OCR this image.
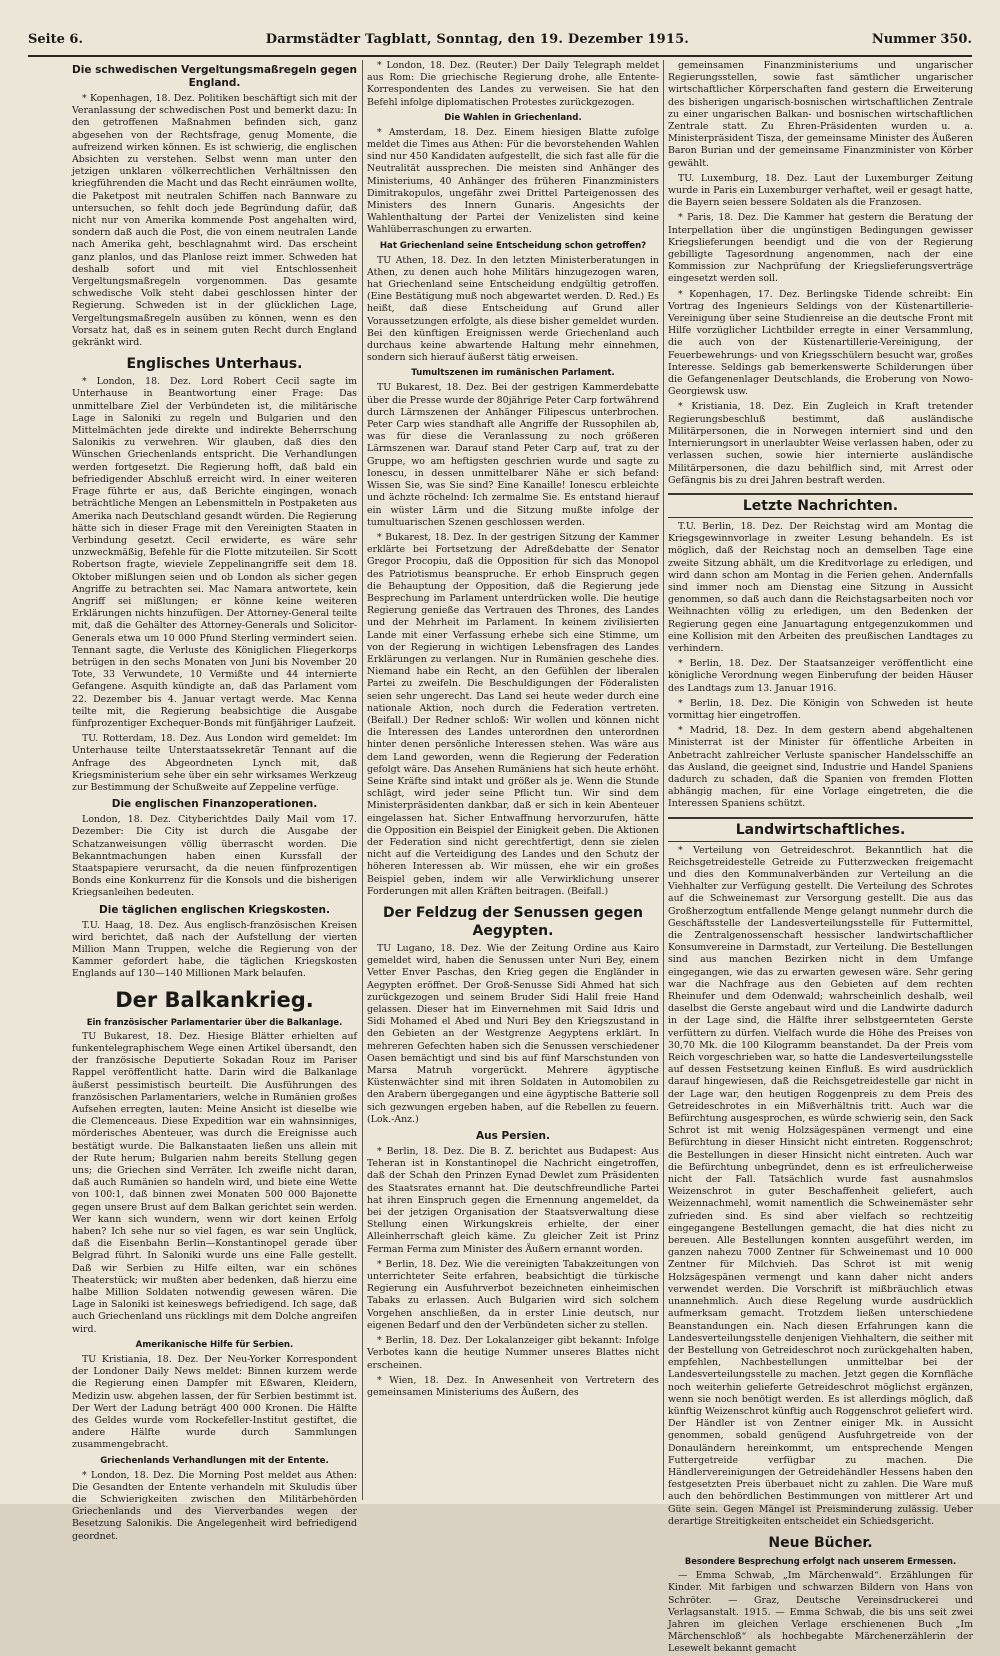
Seite 6.	Darmstädter Tagblatt, Sonntag, den 19. Dezember 1915.	Nummer 350.
Die schwedischen Vergeltungsmaßregeln gegen England.

* Kopenhagen, 18. Dez. Politiken beschäftigt sich mit der Veranlassung der schwedischen Post und bemerkt dazu: In den getroffenen Maßnahmen befinden sich, ganz abgesehen von der Rechtsfrage, genug Momente, die aufreizend wirken können. Es ist schwierig, die englischen Absichten zu verstehen. Selbst wenn man unter den jetzigen unklaren völkerrechtlichen Verhältnissen den kriegführenden die Macht und das Recht einräumen wollte, die Paketpost mit neutralen Schiffen nach Bannware zu untersuchen, so fehlt doch jede Begründung dafür, daß nicht nur von Amerika kommende Post angehalten wird, sondern daß auch die Post, die von einem neutralen Lande nach Amerika geht, beschlagnahmt wird. Das erscheint ganz planlos, und das Planlose reizt immer. Schweden hat deshalb sofort und mit viel Entschlossenheit Vergeltungsmaßregeln vorgenommen. Das gesamte schwedische Volk steht dabei geschlossen hinter der Regierung. Schweden ist in der glücklichen Lage, Vergeltungsmaßregeln ausüben zu können, wenn es den Vorsatz hat, daß es in seinem guten Recht durch England gekränkt wird.

Englisches Unterhaus.

* London, 18. Dez. Lord Robert Cecil sagte im Unterhause in Beantwortung einer Frage: Das unmittelbare Ziel der Verbündeten ist, die militärische Lage in Saloniki zu regeln und Bulgarien und den Mittelmächten jede direkte und indirekte Beherrschung Salonikis zu verwehren. Wir glauben, daß dies den Wünschen Griechenlands entspricht. Die Verhandlungen werden fortgesetzt. Die Regierung hofft, daß bald ein befriedigender Abschluß erreicht wird. In einer weiteren Frage führte er aus, daß Berichte eingingen, wonach beträchtliche Mengen an Lebensmitteln in Postpaketen aus Amerika nach Deutschland gesandt würden. Die Regierung hätte sich in dieser Frage mit den Vereinigten Staaten in Verbindung gesetzt. Cecil erwiderte, es wäre sehr unzweckmäßig, Befehle für die Flotte mitzuteilen. Sir Scott Robertson fragte, wieviele Zeppelinangriffe seit dem 18. Oktober mißlungen seien und ob London als sicher gegen Angriffe zu betrachten sei. Mac Namara antwortete, kein Angriff sei mißlungen; er könne keine weiteren Erklärungen nichts hinzufügen. Der Attorney-General teilte mit, daß die Gehälter des Attorney-Generals und Solicitor-Generals etwa um 10 000 Pfund Sterling vermindert seien. Tennant sagte, die Verluste des Königlichen Fliegerkorps betrügen in den sechs Monaten von Juni bis November 20 Tote, 33 Verwundete, 10 Vermißte und 44 internierte Gefangene. Asquith kündigte an, daß das Parlament vom 22. Dezember bis 4. Januar vertagt werde. Mac Kenna teilte mit, die Regierung beabsichtige die Ausgabe fünfprozentiger Exchequer-Bonds mit fünfjähriger Laufzeit.

TU. Rotterdam, 18. Dez. Aus London wird gemeldet: Im Unterhause teilte Unterstaatssekretär Tennant auf die Anfrage des Abgeordneten Lynch mit, daß Kriegsministerium sehe über ein sehr wirksames Werkzeug zur Bestimmung der Schußweite auf Zeppeline verfüge.

Die englischen Finanzoperationen.

London, 18. Dez. Cityberichtdes Daily Mail vom 17. Dezember: Die City ist durch die Ausgabe der Schatzanweisungen völlig überrascht worden. Die Bekanntmachungen haben einen Kurssfall der Staatspapiere verursacht, da die neuen fünfprozentigen Bonds eine Konkurrenz für die Konsols und die bisherigen Kriegsanleihen bedeuten.

Die täglichen englischen Kriegskosten.

T.U. Haag, 18. Dez. Aus englisch-französischen Kreisen wird berichtet, daß nach der Aufstellung der vierten Million Mann Truppen, welche die Regierung von der Kammer gefordert habe, die täglichen Kriegskosten Englands auf 130—140 Millionen Mark belaufen.

Der Balkankrieg.
Ein französischer Parlamentarier über die Balkanlage.

TU Bukarest, 18. Dez. Hiesige Blätter erhielten auf funkentelegraphischem Wege einen Artikel übersandt, den der französische Deputierte Sokadan Rouz im Pariser Rappel veröffentlicht hatte. Darin wird die Balkanlage äußerst pessimistisch beurteilt. Die Ausführungen des französischen Parlamentariers, welche in Rumänien großes Aufsehen erregten, lauten: Meine Ansicht ist dieselbe wie die Clemenceaus. Diese Expedition war ein wahnsinniges, mörderisches Abenteuer, was durch die Ereignisse auch bestätigt wurde. Die Balkanstaaten ließen uns allein mit der Rute herum; Bulgarien nahm bereits Stellung gegen uns; die Griechen sind Verräter. Ich zweifle nicht daran, daß auch Rumänien so handeln wird, und biete eine Wette von 100:1, daß binnen zwei Monaten 500 000 Bajonette gegen unsere Brust auf dem Balkan gerichtet sein werden. Wer kann sich wundern, wenn wir dort keinen Erfolg haben? Ich sehe nur so viel fagen, es war sein Unglück, daß die Eisenbahn Berlin—Konstantinopel gerade über Belgrad führt. In Saloniki wurde uns eine Falle gestellt. Daß wir Serbien zu Hilfe eilten, war ein schönes Theaterstück; wir mußten aber bedenken, daß hierzu eine halbe Million Soldaten notwendig gewesen wären. Die Lage in Saloniki ist keineswegs befriedigend. Ich sage, daß auch Griechenland uns rücklings mit dem Dolche angreifen wird.

Amerikanische Hilfe für Serbien.

TU Kristiania, 18. Dez. Der Neu-Yorker Korrespondent der Londoner Daily News meldet: Binnen kurzem werde die Regierung einen Dampfer mit Eßwaren, Kleidern, Medizin usw. abgehen lassen, der für Serbien bestimmt ist. Der Wert der Ladung beträgt 400 000 Kronen. Die Hälfte des Geldes wurde vom Rockefeller-Institut gestiftet, die andere Hälfte wurde durch Sammlungen zusammengebracht.

Griechenlands Verhandlungen mit der Entente.

* London, 18. Dez. Die Morning Post meldet aus Athen: Die Gesandten der Entente verhandeln mit Skuludis über die Schwierigkeiten zwischen den Militärbehörden Griechenlands und des Vierverbandes wegen der Besetzung Salonikis. Die Angelegenheit wird befriedigend geordnet.

* London, 18. Dez. (Reuter.) Der Daily Telegraph meldet aus Rom: Die griechische Regierung drohe, alle Entente-Korrespondenten des Landes zu verweisen. Sie hat den Befehl infolge diplomatischen Protestes zurückgezogen.

Die Wahlen in Griechenland.

* Amsterdam, 18. Dez. Einem hiesigen Blatte zufolge meldet die Times aus Athen: Für die bevorstehenden Wahlen sind nur 450 Kandidaten aufgestellt, die sich fast alle für die Neutralität aussprechen. Die meisten sind Anhänger des Ministeriums, 40 Anhänger des früheren Finanzministers Dimitrakopulos, ungefähr zwei Drittel Parteigenossen des Ministers des Innern Gunaris. Angesichts der Wahlenthaltung der Partei der Venizelisten sind keine Wahlüberraschungen zu erwarten.

Hat Griechenland seine Entscheidung schon getroffen?

TU Athen, 18. Dez. In den letzten Ministerberatungen in Athen, zu denen auch hohe Militärs hinzugezogen waren, hat Griechenland seine Entscheidung endgültig getroffen. (Eine Bestätigung muß noch abgewartet werden. D. Red.) Es heißt, daß diese Entscheidung auf Grund aller Voraussetzungen erfolgte, als diese bisher gemeldet wurden. Bei den künftigen Ereignissen werde Griechenland auch durchaus keine abwartende Haltung mehr einnehmen, sondern sich hierauf äußerst tätig erweisen.

Tumultszenen im rumänischen Parlament.

TU Bukarest, 18. Dez. Bei der gestrigen Kammerdebatte über die Presse wurde der 80jährige Peter Carp fortwährend durch Lärmszenen der Anhänger Filipescus unterbrochen. Peter Carp wies standhaft alle Angriffe der Russophilen ab, was für diese die Veranlassung zu noch größeren Lärmszenen war. Darauf stand Peter Carp auf, trat zu der Gruppe, wo am heftigsten geschrien wurde und sagte zu Ionescu, in dessen unmittelbarer Nähe er sich befand: Wissen Sie, was Sie sind? Eine Kanaille! Ionescu erbleichte und ächzte röchelnd: Ich zermalme Sie. Es entstand hierauf ein wüster Lärm und die Sitzung mußte infolge der tumultuarischen Szenen geschlossen werden.

* Bukarest, 18. Dez. In der gestrigen Sitzung der Kammer erklärte bei Fortsetzung der Adreßdebatte der Senator Gregor Procopiu, daß die Opposition für sich das Monopol des Patriotismus beanspruche. Er erhob Einspruch gegen die Behauptung der Opposition, daß die Regierung jede Besprechung im Parlament unterdrücken wolle. Die heutige Regierung genieße das Vertrauen des Thrones, des Landes und der Mehrheit im Parlament. In keinem zivilisierten Lande mit einer Verfassung erhebe sich eine Stimme, um von der Regierung in wichtigen Lebensfragen des Landes Erklärungen zu verlangen. Nur in Rumänien geschehe dies. Niemand habe ein Recht, an den Gefühlen der liberalen Partei zu zweifeln. Die Beschuldigungen der Föderalisten seien sehr ungerecht. Das Land sei heute weder durch eine nationale Aktion, noch durch die Federation vertreten. (Beifall.) Der Redner schloß: Wir wollen und können nicht die Interessen des Landes unterordnen den unterordnen hinter denen persönliche Interessen stehen. Was wäre aus dem Land geworden, wenn die Regierung der Federation gefolgt wäre. Das Ansehen Rumäniens hat sich heute erhöht. Seine Kräfte sind intakt und größer als je. Wenn die Stunde schlägt, wird jeder seine Pflicht tun. Wir sind dem Ministerpräsidenten dankbar, daß er sich in kein Abenteuer eingelassen hat. Sicher Entwaffnung hervorzurufen, hätte die Opposition ein Beispiel der Einigkeit geben. Die Aktionen der Federation sind nicht gerechtfertigt, denn sie zielen nicht auf die Verteidigung des Landes und den Schutz der höheren Interessen ab. Wir müssen, ehe wir ein großes Beispiel geben, indem wir alle Verwirklichung unserer Forderungen mit allen Kräften beitragen. (Beifall.)

Der Feldzug der Senussen gegen Aegypten.

TU Lugano, 18. Dez. Wie der Zeitung Ordine aus Kairo gemeldet wird, haben die Senussen unter Nuri Bey, einem Vetter Enver Paschas, den Krieg gegen die Engländer in Aegypten eröffnet. Der Groß-Senusse Sidi Ahmed hat sich zurückgezogen und seinem Bruder Sidi Halil freie Hand gelassen. Dieser hat im Einvernehmen mit Said Idris und Sidi Mohamed el Abed und Nuri Bey den Kriegszustand in den Gebieten an der Westgrenze Aegyptens erklärt. In mehreren Gefechten haben sich die Senussen verschiedener Oasen bemächtigt und sind bis auf fünf Marschstunden von Marsa Matruh vorgerückt. Mehrere ägyptische Küstenwächter sind mit ihren Soldaten in Automobilen zu den Arabern übergegangen und eine ägyptische Batterie soll sich gezwungen ergeben haben, auf die Rebellen zu feuern. (Lok.-Anz.)

Aus Persien.

* Berlin, 18. Dez. Die B. Z. berichtet aus Budapest: Aus Teheran ist in Konstantinopel die Nachricht eingetroffen, daß der Schah den Prinzen Eynad Dewlet zum Präsidenten des Staatsrates ernannt hat. Die deutschfreundliche Partei hat ihren Einspruch gegen die Ernennung angemeldet, da bei der jetzigen Organisation der Staatsverwaltung diese Stellung einen Wirkungskreis erhielte, der einer Alleinherrschaft gleich käme. Zu gleicher Zeit ist Prinz Ferman Ferma zum Minister des Äußern ernannt worden.

* Berlin, 18. Dez. Wie die vereinigten Tabakzeitungen von unterrichteter Seite erfahren, beabsichtigt die türkische Regierung ein Ausfuhrverbot bezeichneten einheimischen Tabaks zu erlassen. Auch Bulgarien wird sich solchem Vorgehen anschließen, da in erster Linie deutsch, nur eigenen Bedarf und den der Verbündeten sicher zu stellen.

* Berlin, 18. Dez. Der Lokalanzeiger gibt bekannt: Infolge Verbotes kann die heutige Nummer unseres Blattes nicht erscheinen.

* Wien, 18. Dez. In Anwesenheit von Vertretern des gemeinsamen Ministeriums des Äußern, des

gemeinsamen Finanzministeriums und ungarischer Regierungsstellen, sowie fast sämtlicher ungarischer wirtschaftlicher Körperschaften fand gestern die Erweiterung des bisherigen ungarisch-bosnischen wirtschaftlichen Zentrale zu einer ungarischen Balkan- und bosnischen wirtschaftlichen Zentrale statt. Zu Ehren-Präsidenten wurden u. a. Ministerpräsident Tisza, der gemeinsame Minister des Äußeren Baron Burian und der gemeinsame Finanzminister von Körber gewählt.

TU. Luxemburg, 18. Dez. Laut der Luxemburger Zeitung wurde in Paris ein Luxemburger verhaftet, weil er gesagt hatte, die Bayern seien bessere Soldaten als die Franzosen.

* Paris, 18. Dez. Die Kammer hat gestern die Beratung der Interpellation über die ungünstigen Bedingungen gewisser Kriegslieferungen beendigt und die von der Regierung gebilligte Tagesordnung angenommen, nach der eine Kommission zur Nachprüfung der Kriegslieferungsverträge eingesetzt werden soll.

* Kopenhagen, 17. Dez. Berlingske Tidende schreibt: Ein Vortrag des Ingenieurs Seldings von der Küstenartillerie-Vereinigung über seine Studienreise an die deutsche Front mit Hilfe vorzüglicher Lichtbilder erregte in einer Versammlung, die auch von der Küstenartillerie-Vereinigung, der Feuerbewehrungs- und von Kriegsschülern besucht war, großes Interesse. Seldings gab bemerkenswerte Schilderungen über die Gefangenenlager Deutschlands, die Eroberung von Nowo-Georgiewsk usw.

* Kristiania, 18. Dez. Ein Zugleich in Kraft tretender Regierungsbeschluß bestimmt, daß ausländische Militärpersonen, die in Norwegen interniert sind und den Internierungsort in unerlaubter Weise verlassen haben, oder zu verlassen suchen, sowie hier internierte ausländische Militärpersonen, die dazu behilflich sind, mit Arrest oder Gefängnis bis zu drei Jahren bestraft werden.

Letzte Nachrichten.

T.U. Berlin, 18. Dez. Der Reichstag wird am Montag die Kriegsgewinnvorlage in zweiter Lesung behandeln. Es ist möglich, daß der Reichstag noch an demselben Tage eine zweite Sitzung abhält, um die Kreditvorlage zu erledigen, und wird dann schon am Montag in die Ferien gehen. Andernfalls sind immer noch am Dienstag eine Sitzung in Aussicht genommen, so daß auch dann die Reichstagsarbeiten noch vor Weihnachten völlig zu erledigen, um den Bedenken der Regierung gegen eine Januartagung entgegenzukommen und eine Kollision mit den Arbeiten des preußischen Landtages zu verhindern.

* Berlin, 18. Dez. Der Staatsanzeiger veröffentlicht eine königliche Verordnung wegen Einberufung der beiden Häuser des Landtags zum 13. Januar 1916.

* Berlin, 18. Dez. Die Königin von Schweden ist heute vormittag hier eingetroffen.

* Madrid, 18. Dez. In dem gestern abend abgehaltenen Ministerrat ist der Minister für öffentliche Arbeiten in Anbetracht zahlreicher Verluste spanischer Handelsschiffe an das Ausland, die geeignet sind, Industrie und Handel Spaniens dadurch zu schaden, daß die Spanien von fremden Flotten abhängig machen, für eine Vorlage eingetreten, die die Interessen Spaniens schützt.

Landwirtschaftliches.

* Verteilung von Getreideschrot. Bekanntlich hat die Reichsgetreidestelle Getreide zu Futterzwecken freigemacht und dies den Kommunalverbänden zur Verteilung an die Viehhalter zur Verfügung gestellt. Die Verteilung des Schrotes auf die Schweinemast zur Versorgung gestellt. Die aus das Großherzogtum entfallende Menge gelangt nunmehr durch die Geschäftsstelle der Landesverteilungsstelle für Futtermittel, die Zentralgenossenschaft hessischer landwirtschaftlicher Konsumvereine in Darmstadt, zur Verteilung. Die Bestellungen sind aus manchen Bezirken nicht in dem Umfange eingegangen, wie das zu erwarten gewesen wäre. Sehr gering war die Nachfrage aus den Gebieten auf dem rechten Rheinufer und dem Odenwald; wahrscheinlich deshalb, weil daselbst die Gerste angebaut wird und die Landwirte dadurch in der Lage sind, die Hälfte ihrer selbstgeernteten Gerste verfüttern zu dürfen. Vielfach wurde die Höhe des Preises von 30,70 Mk. die 100 Kilogramm beanstandet. Da der Preis vom Reich vorgeschrieben war, so hatte die Landesverteilungsstelle auf dessen Festsetzung keinen Einfluß. Es wird ausdrücklich darauf hingewiesen, daß die Reichsgetreidestelle gar nicht in der Lage war, den heutigen Roggenpreis zu dem Preis des Getreideschrotes in ein Mißverhältnis tritt. Auch war die Befürchtung ausgesprochen, es würde schwierig sein, den Sack Schrot ist mit wenig Holzsägespänen vermengt und eine Befürchtung in dieser Hinsicht nicht eintreten. Roggenschrot; die Bestellungen in dieser Hinsicht nicht eintreten. Auch war die Befürchtung unbegründet, denn es ist erfreulicherweise nicht der Fall. Tatsächlich wurde fast ausnahmslos Weizenschrot in guter Beschaffenheit geliefert, auch Weizennachmehl, womit namentlich die Schweinemäster sehr zufrieden sind. Es sind aber vielfach so rechtzeitig eingegangene Bestellungen gemacht, die hat dies nicht zu bereuen. Alle Bestellungen konnten ausgeführt werden, im ganzen nahezu 7000 Zentner für Schweinemast und 10 000 Zentner für Milchvieh. Das Schrot ist mit wenig Holzsägespänen vermengt und kann daher nicht anders verwendet werden. Die Vorschrift ist mißbräuchlich etwas unannehmlich. Auch diese Regelung wurde ausdrücklich aufmerksam gemacht. Trotzdem ließen unterschiedene Beanstandungen ein. Nach diesen Erfahrungen kann die Landesverteilungsstelle denjenigen Viehhaltern, die seither mit der Bestellung von Getreideschrot noch zurückgehalten haben, empfehlen, Nachbestellungen unmittelbar bei der Landesverteilungsstelle zu machen. Jetzt gegen die Kornfläche noch weiterhin gelieferte Getreideschrot möglichst ergänzen, wenn sie noch benötigt werden. Es ist allerdings möglich, daß künftig Weizenschrot künftig auch Roggenschrot geliefert wird. Der Händler ist von Zentner einiger Mk. in Aussicht genommen, sobald genügend Ausfuhrgetreide von der Donauländern hereinkommt, um entsprechende Mengen Futtergetreide verfügbar zu machen. Die Händlervereinigungen der Getreidehändler Hessens haben den festgesetzten Preis überbauet nicht zu zahlen. Die Ware muß auch den behördlichen Bestimmungen von mittlerer Art und Güte sein. Gegen Mängel ist Preisminderung zulässig. Ueber derartige Streitigkeiten entscheidet ein Schiedsgericht.

Neue Bücher.
Besondere Besprechung erfolgt nach unserem Ermessen.

— Emma Schwab, „Im Märchenwald“. Erzählungen für Kinder. Mit farbigen und schwarzen Bildern von Hans von Schröter. — Graz, Deutsche Vereinsdruckerei und Verlagsanstalt. 1915. — Emma Schwab, die bis uns seit zwei Jahren im gleichen Verlage erschienenen Buch „Im Märchenschloß“ als hochbegabte Märchenerzählerin der Lesewelt bekannt gemacht
